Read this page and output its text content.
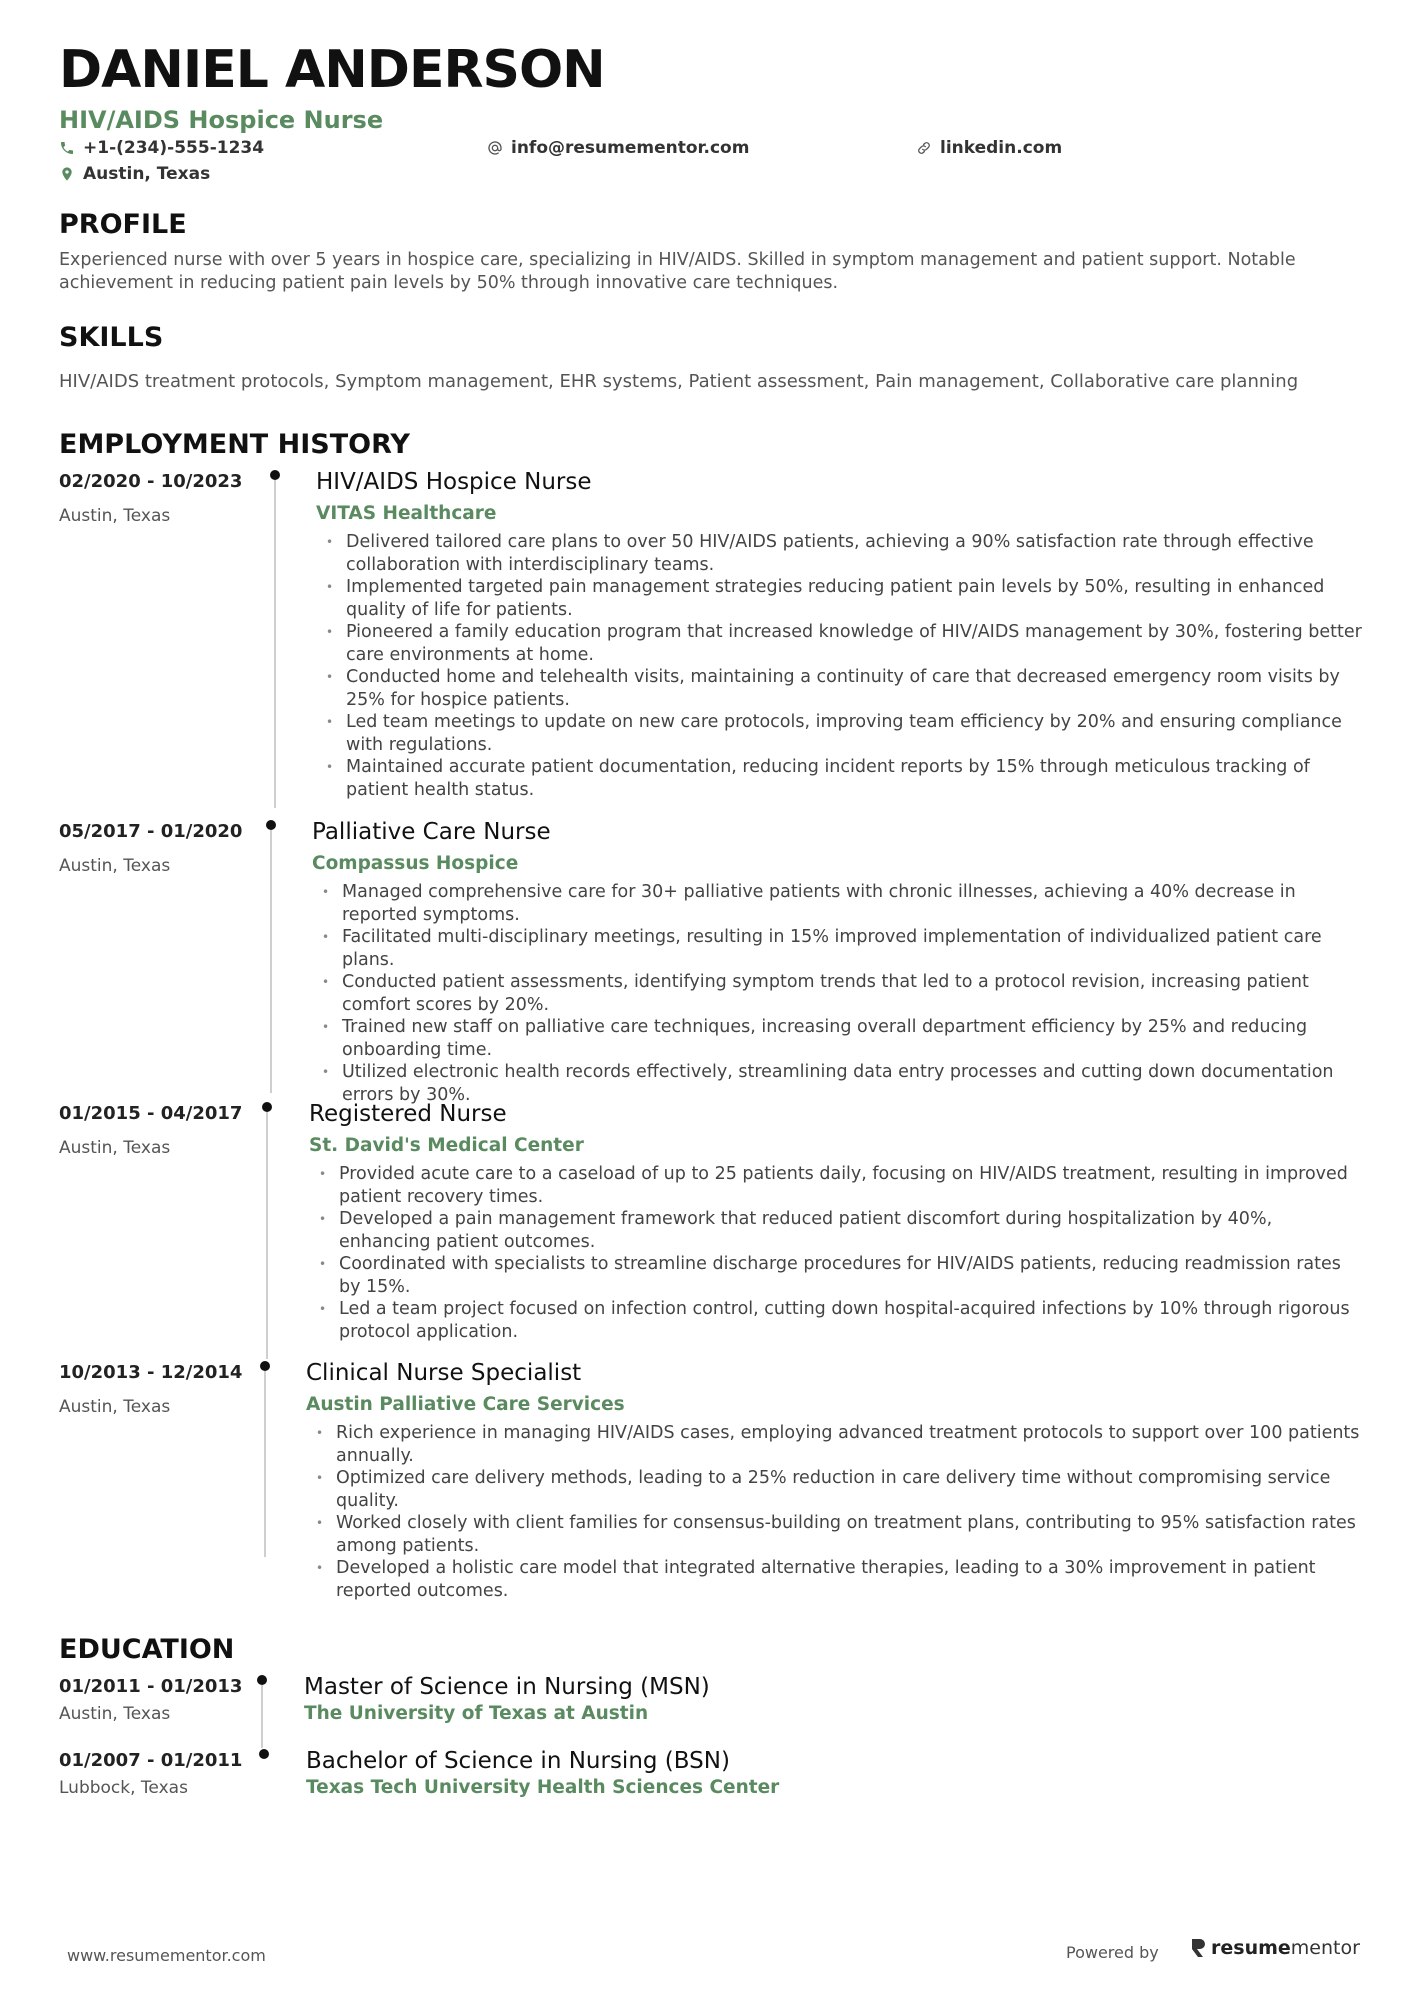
DANIEL ANDERSON
HIV/AIDS Hospice Nurse
+1-(234)-555-1234	info@resumementor.com	linkedin.com
Austin, Texas
PROFILE
Experienced nurse with over 5 years in hospice care, specializing in HIV/AIDS. Skilled in symptom management and patient support. Notable achievement in reducing patient pain levels by 50% through innovative care techniques.
SKILLS
HIV/AIDS treatment protocols, Symptom management, EHR systems, Patient assessment, Pain management, Collaborative care planning
EMPLOYMENT HISTORY
02/2020 - 10/2023
Austin, Texas
HIV/AIDS Hospice Nurse
VITAS Healthcare
• Delivered tailored care plans to over 50 HIV/AIDS patients, achieving a 90% satisfaction rate through effective collaboration with interdisciplinary teams.
• Implemented targeted pain management strategies reducing patient pain levels by 50%, resulting in enhanced quality of life for patients.
• Pioneered a family education program that increased knowledge of HIV/AIDS management by 30%, fostering better care environments at home.
• Conducted home and telehealth visits, maintaining a continuity of care that decreased emergency room visits by 25% for hospice patients.
• Led team meetings to update on new care protocols, improving team efficiency by 20% and ensuring compliance with regulations.
• Maintained accurate patient documentation, reducing incident reports by 15% through meticulous tracking of patient health status.
05/2017 - 01/2020
Austin, Texas
Palliative Care Nurse
Compassus Hospice
• Managed comprehensive care for 30+ palliative patients with chronic illnesses, achieving a 40% decrease in reported symptoms.
• Facilitated multi-disciplinary meetings, resulting in 15% improved implementation of individualized patient care plans.
• Conducted patient assessments, identifying symptom trends that led to a protocol revision, increasing patient comfort scores by 20%.
• Trained new staff on palliative care techniques, increasing overall department efficiency by 25% and reducing onboarding time.
• Utilized electronic health records effectively, streamlining data entry processes and cutting down documentation errors by 30%.
01/2015 - 04/2017
Austin, Texas
Registered Nurse
St. David's Medical Center
• Provided acute care to a caseload of up to 25 patients daily, focusing on HIV/AIDS treatment, resulting in improved patient recovery times.
• Developed a pain management framework that reduced patient discomfort during hospitalization by 40%, enhancing patient outcomes.
• Coordinated with specialists to streamline discharge procedures for HIV/AIDS patients, reducing readmission rates by 15%.
• Led a team project focused on infection control, cutting down hospital-acquired infections by 10% through rigorous protocol application.
10/2013 - 12/2014
Austin, Texas
Clinical Nurse Specialist
Austin Palliative Care Services
• Rich experience in managing HIV/AIDS cases, employing advanced treatment protocols to support over 100 patients annually.
• Optimized care delivery methods, leading to a 25% reduction in care delivery time without compromising service quality.
• Worked closely with client families for consensus-building on treatment plans, contributing to 95% satisfaction rates among patients.
• Developed a holistic care model that integrated alternative therapies, leading to a 30% improvement in patient reported outcomes.
EDUCATION
01/2011 - 01/2013
Austin, Texas
Master of Science in Nursing (MSN)
The University of Texas at Austin
01/2007 - 01/2011
Lubbock, Texas
Bachelor of Science in Nursing (BSN)
Texas Tech University Health Sciences Center
www.resumementor.com	Powered by	resumementor
